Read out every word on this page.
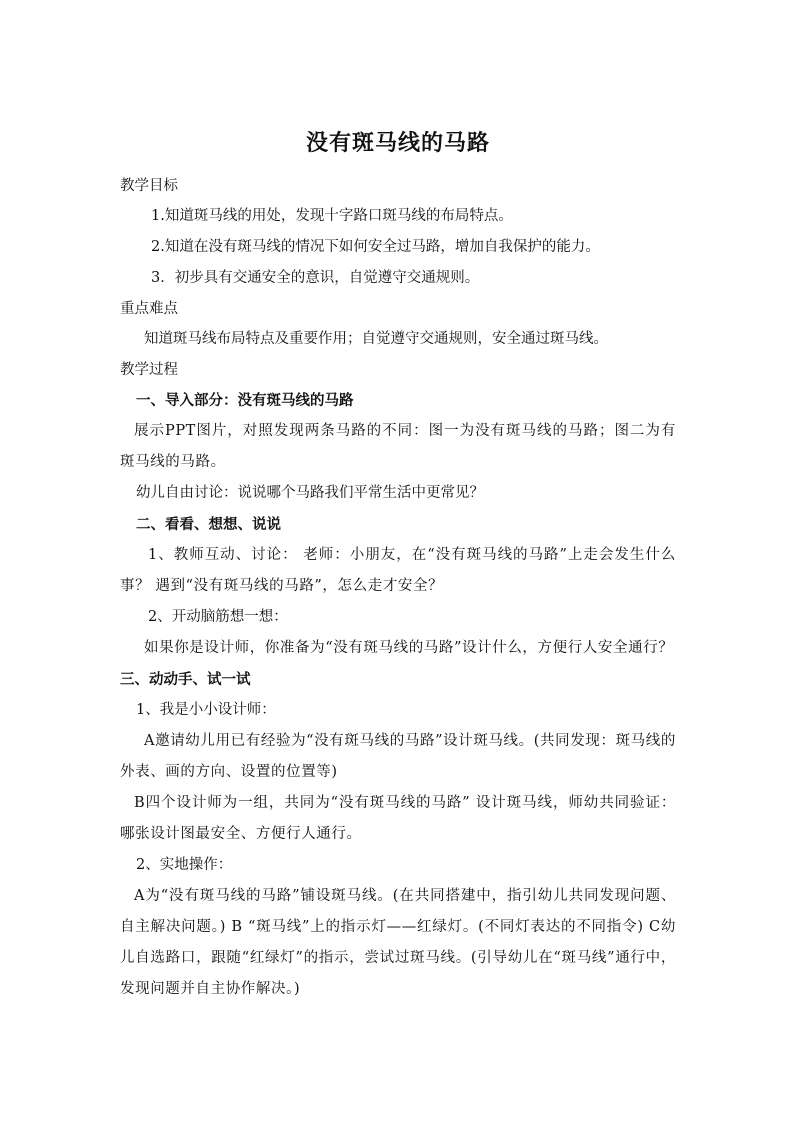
没有斑马线的马路

教学目标

1.知道斑马线的用处，发现十字路口斑马线的布局特点。

2.知道在没有斑马线的情况下如何安全过马路，增加自我保护的能力。

3．初步具有交通安全的意识，自觉遵守交通规则。

重点难点

知道斑马线布局特点及重要作用；自觉遵守交通规则，安全通过斑马线。

教学过程

一、导入部分：没有斑马线的马路

展示PPT图片，对照发现两条马路的不同：图一为没有斑马线的马路；图二为有斑马线的马路。

幼儿自由讨论：说说哪个马路我们平常生活中更常见？

二、看看、想想、说说

1、教师互动、讨论： 老师：小朋友，在“没有斑马线的马路”上走会发生什么事？ 遇到“没有斑马线的马路”，怎么走才安全？

2、开动脑筋想一想：

如果你是设计师，你准备为“没有斑马线的马路”设计什么，方便行人安全通行？

三、动动手、试一试

1、我是小小设计师：

A邀请幼儿用已有经验为“没有斑马线的马路”设计斑马线。(共同发现：斑马线的外表、画的方向、设置的位置等)

B四个设计师为一组，共同为“没有斑马线的马路” 设计斑马线，师幼共同验证：哪张设计图最安全、方便行人通行。

2、实地操作：

A为“没有斑马线的马路”铺设斑马线。(在共同搭建中，指引幼儿共同发现问题、自主解决问题。) B “斑马线”上的指示灯——红绿灯。(不同灯表达的不同指令) C幼儿自选路口，跟随“红绿灯”的指示，尝试过斑马线。(引导幼儿在“斑马线”通行中，发现问题并自主协作解决。)
